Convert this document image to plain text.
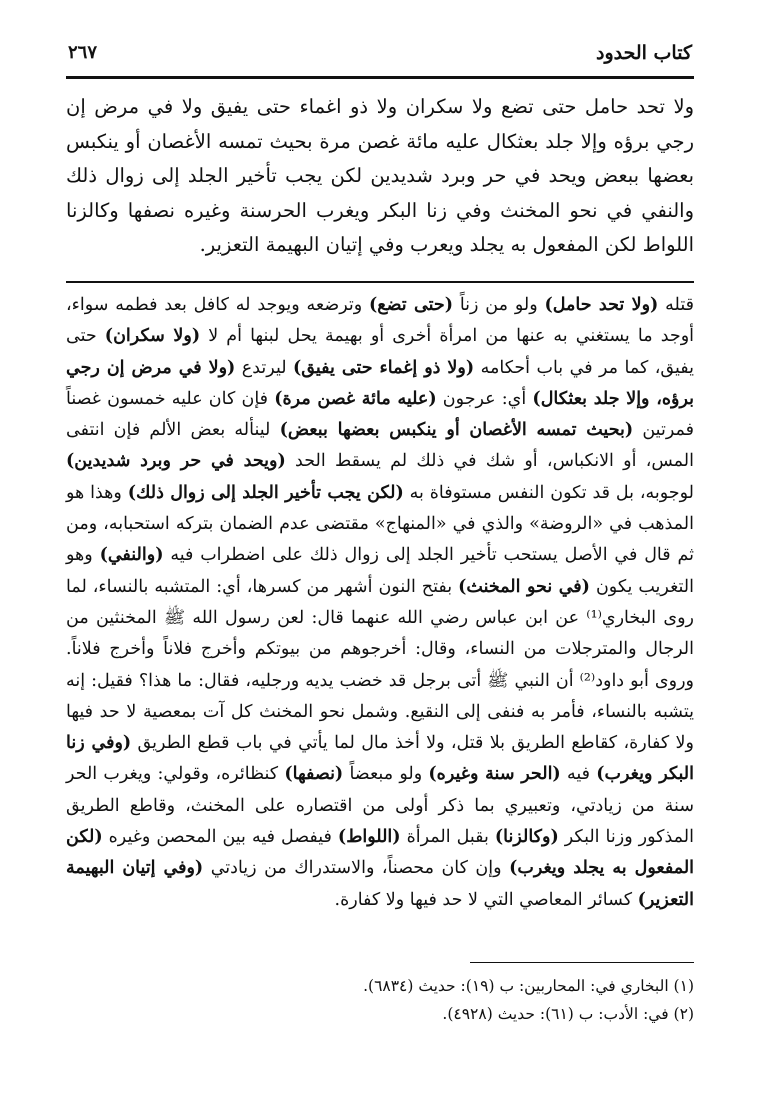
كتاب الحدود
٢٦٧
ولا تحد حامل حتى تضع ولا سكران ولا ذو اغماء حتى يفيق ولا في مرض إن رجي برؤه وإلا جلد بعثكال عليه مائة غصن مرة بحيث تمسه الأغصان أو ينكبس بعضها ببعض ويحد في حر وبرد شديدين لكن يجب تأخير الجلد إلى زوال ذلك والنفي في نحو المخنث وفي زنا البكر ويغرب الحرسنة وغيره نصفها وكالزنا اللواط لكن المفعول به يجلد ويعرب وفي إتيان البهيمة التعزير.
قتله (ولا تحد حامل) ولو من زناً (حتى تضع) وترضعه ويوجد له كافل بعد فطمه سواء، أوجد ما يستغني به عنها من امرأة أخرى أو بهيمة يحل لبنها أم لا (ولا سكران) حتى يفيق، كما مر في باب أحكامه (ولا ذو إغماء حتى يفيق) ليرتدع (ولا في مرض إن رجي برؤه، وإلا جلد بعثكال) أي: عرجون (عليه مائة غصن مرة) فإن كان عليه خمسون غصناً فمرتين (بحيث تمسه الأغصان أو ينكبس بعضها ببعض) لينأله بعض الألم فإن انتفى المس، أو الانكباس، أو شك في ذلك لم يسقط الحد (ويحد في حر وبرد شديدين) لوجوبه، بل قد تكون النفس مستوفاة به (لكن يجب تأخير الجلد إلى زوال ذلك) وهذا هو المذهب في «الروضة» والذي في «المنهاج» مقتضى عدم الضمان بتركه استحبابه، ومن ثم قال في الأصل يستحب تأخير الجلد إلى زوال ذلك على اضطراب فيه (والنفي) وهو التغريب يكون (في نحو المخنث) بفتح النون أشهر من كسرها، أي: المتشبه بالنساء، لما روى البخاري⁽¹⁾ عن ابن عباس رضي الله عنهما قال: لعن رسول الله ﷺ المخنثين من الرجال والمترجلات من النساء، وقال: أخرجوهم من بيوتكم وأخرج فلاناً وأخرج فلاناً. وروى أبو داود⁽²⁾ أن النبي ﷺ أتى برجل قد خضب يديه ورجليه، فقال: ما هذا؟ فقيل: إنه يتشبه بالنساء، فأمر به فنفى إلى النقيع. وشمل نحو المخنث كل آت بمعصية لا حد فيها ولا كفارة، كقاطع الطريق بلا قتل، ولا أخذ مال لما يأتي في باب قطع الطريق (وفي زنا البكر ويغرب) فيه (الحر سنة وغيره) ولو مبعضاً (نصفها) كنظائره، وقولي: ويغرب الحر سنة من زيادتي، وتعبيري بما ذكر أولى من اقتصاره على المخنث، وقاطع الطريق المذكور وزنا البكر (وكالزنا) بقبل المرأة (اللواط) فيفصل فيه بين المحصن وغيره (لكن المفعول به يجلد ويغرب) وإن كان محصناً، والاستدراك من زيادتي (وفي إتيان البهيمة التعزير) كسائر المعاصي التي لا حد فيها ولا كفارة.
(١) البخاري في: المحاربين: ب (١٩): حديث (٦٨٣٤).
(٢) في: الأدب: ب (٦١): حديث (٤٩٢٨).
